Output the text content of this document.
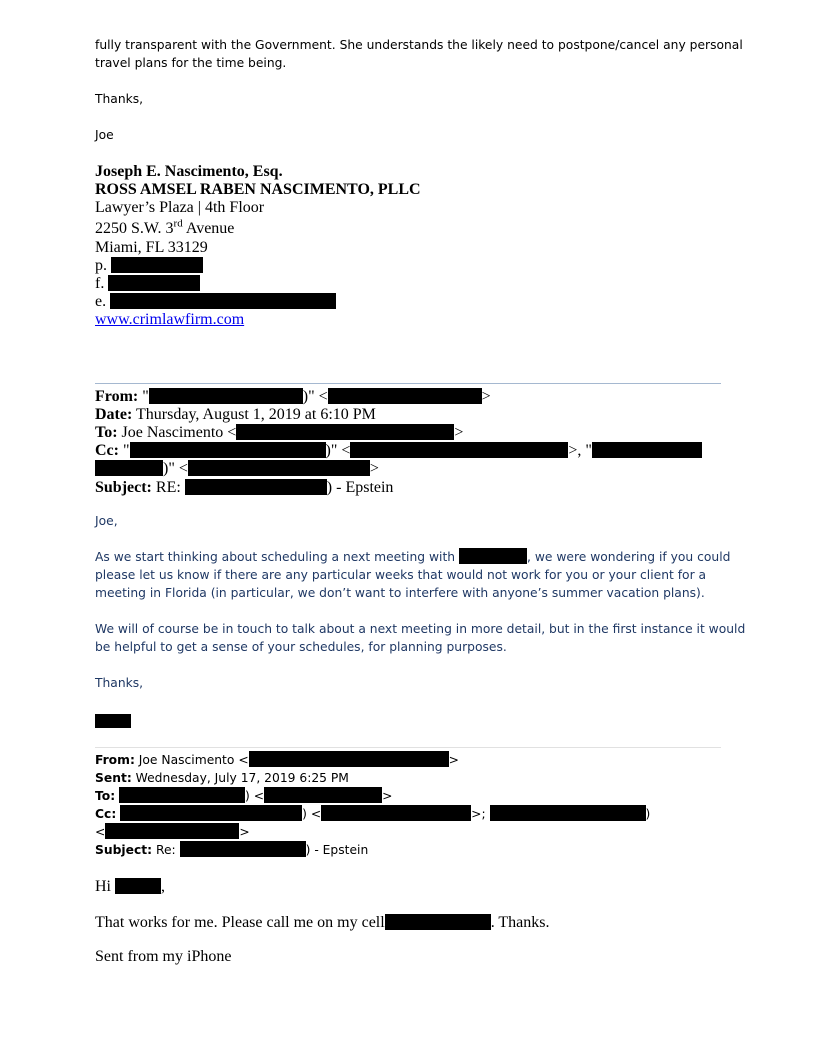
fully transparent with the Government. She understands the likely need to postpone/cancel any personal
travel plans for the time being.
Thanks,
Joe
Joseph E. Nascimento, Esq.
ROSS AMSEL RABEN NASCIMENTO, PLLC
Lawyer’s Plaza | 4th Floor
2250 S.W. 3rd Avenue
Miami, FL 33129
p.
f.
e.
www.crimlawfirm.com
From: "	)" <	>
Date: Thursday, August 1, 2019 at 6:10 PM
To: Joe Nascimento <	>
Cc: "	)" <	>, "
)" <	>
Subject: RE:	) - Epstein
Joe,
As we start thinking about scheduling a next meeting with	, we were wondering if you could
please let us know if there are any particular weeks that would not work for you or your client for a
meeting in Florida (in particular, we don’t want to interfere with anyone’s summer vacation plans).
We will of course be in touch to talk about a next meeting in more detail, but in the first instance it would
be helpful to get a sense of your schedules, for planning purposes.
Thanks,
From: Joe Nascimento <	>
Sent: Wednesday, July 17, 2019 6:25 PM
To:	) <	>
Cc:	) <	>;	)
<	>
Subject: Re:	) - Epstein
Hi	,
That works for me. Please call me on my cell	. Thanks.
Sent from my iPhone
